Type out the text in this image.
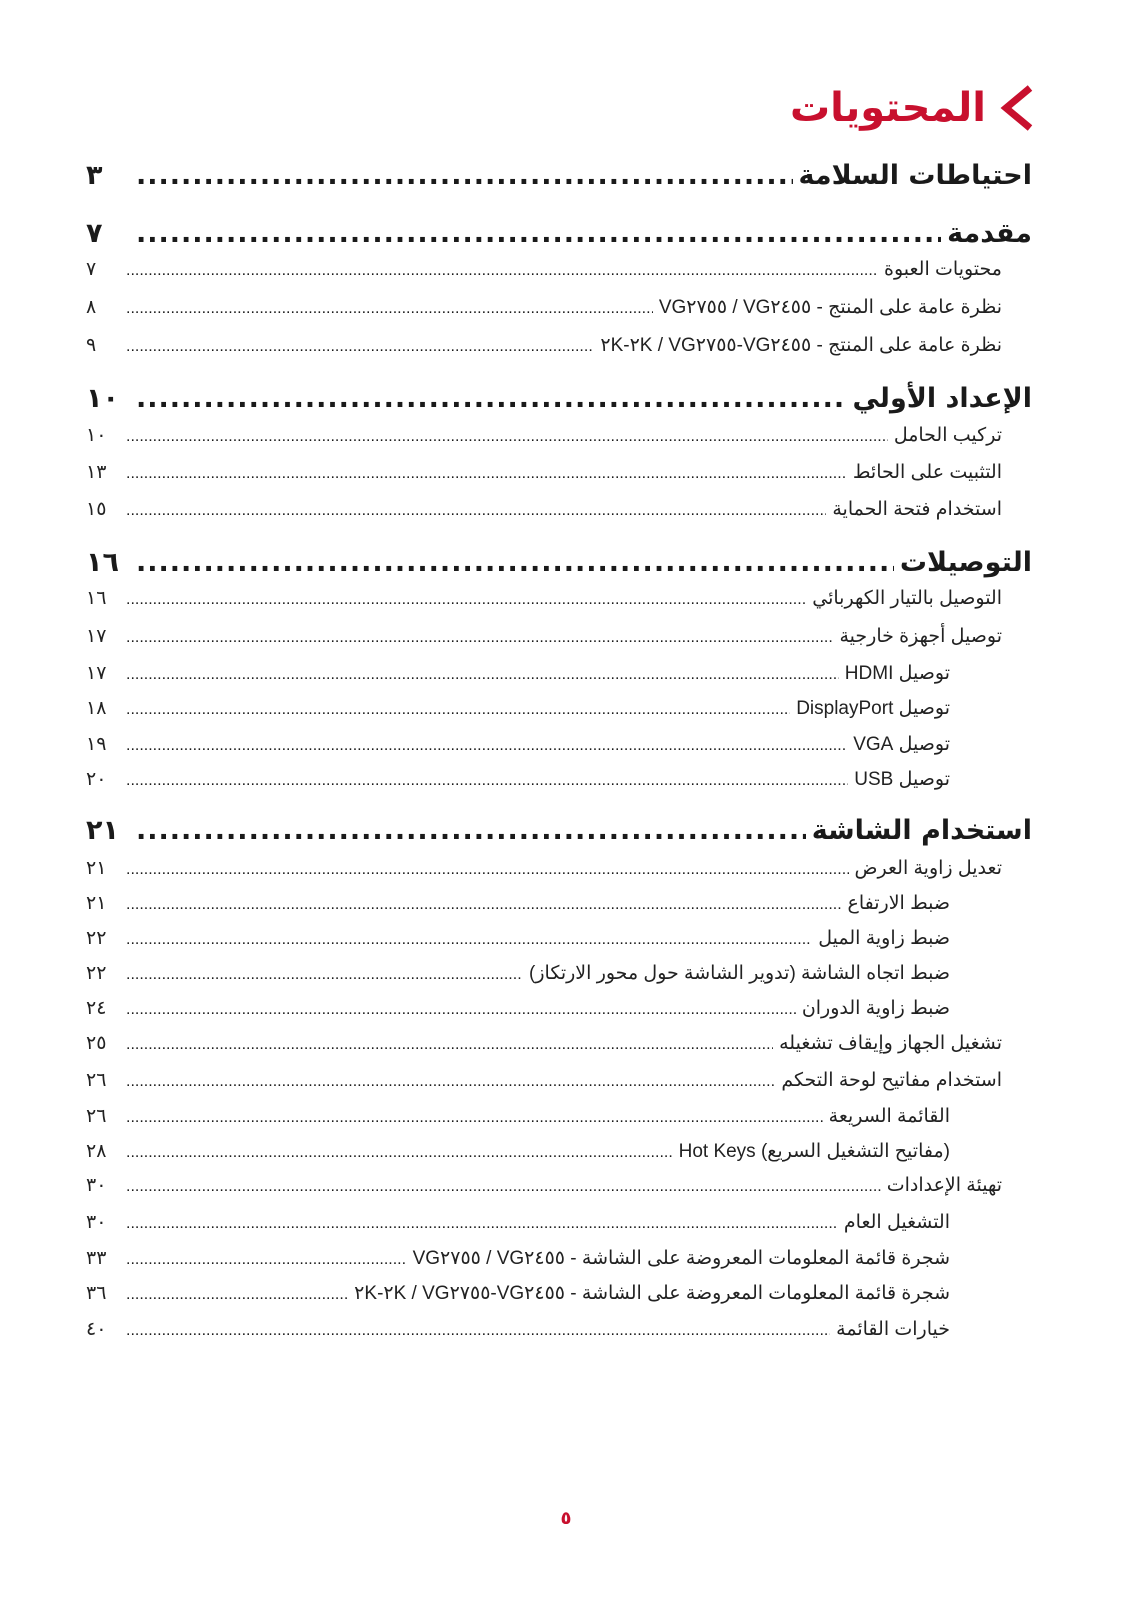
المحتويات
٣ .....	احتياطات السلامة
٧ .....	مقدمة
٧ .....	محتويات العبوة
٨ .....	نظرة عامة على المنتج - VG٢٤٥٥ / VG٢٧٥٥
٩ .....	نظرة عامة على المنتج - VG٢٤٥٥-VG٢٧٥٥ / ٢K-٢K
١٠ .....	الإعداد الأولي
١٠ .....	تركيب الحامل
١٣ .....	التثبيت على الحائط
١٥ .....	استخدام فتحة الحماية
١٦ .....	التوصيلات
١٦ .....	التوصيل بالتيار الكهربائي
١٧ .....	توصيل أجهزة خارجية
١٧ .....	توصيل HDMI
١٨ .....	توصيل DisplayPort
١٩ .....	توصيل VGA
٢٠ .....	توصيل USB
٢١ .....	استخدام الشاشة
٢١ .....	تعديل زاوية العرض
٢١ .....	ضبط الارتفاع
٢٢ .....	ضبط زاوية الميل
٢٢ .....	ضبط اتجاه الشاشة (تدوير الشاشة حول محور الارتكاز)
٢٤ .....	ضبط زاوية الدوران
٢٥ .....	تشغيل الجهاز وإيقاف تشغيله
٢٦ .....	استخدام مفاتيح لوحة التحكم
٢٦ .....	القائمة السريعة
٢٨ .....	Hot Keys (مفاتيح التشغيل السريع)
٣٠ .....	تهيئة الإعدادات
٣٠ .....	التشغيل العام
٣٣ .....	شجرة قائمة المعلومات المعروضة على الشاشة - VG٢٤٥٥ / VG٢٧٥٥
٣٦ .....	شجرة قائمة المعلومات المعروضة على الشاشة - VG٢٤٥٥-VG٢٧٥٥ / ٢K-٢K
٤٠ .....	خيارات القائمة
٥
